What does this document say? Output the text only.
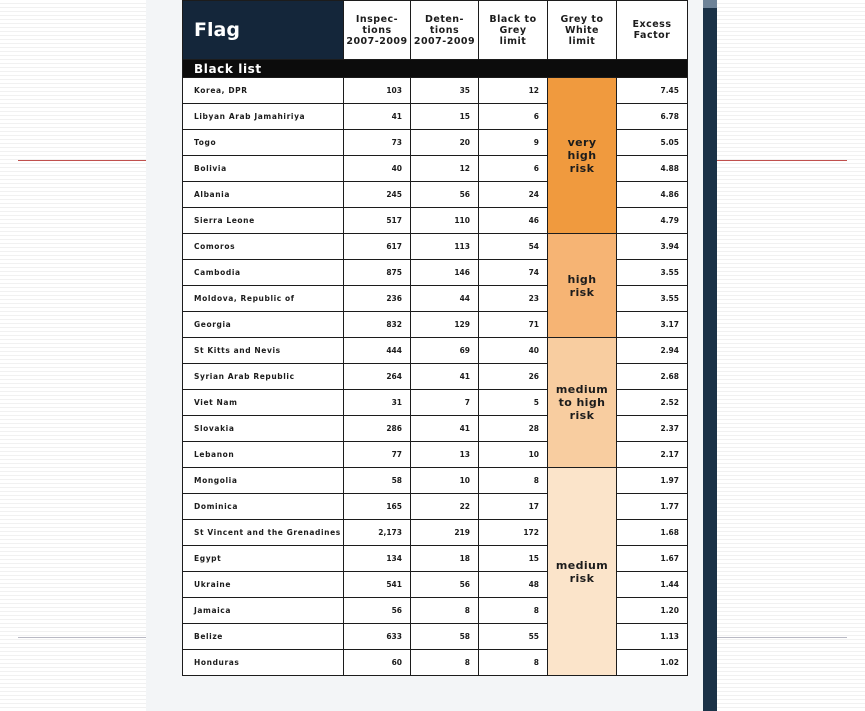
Flag	Inspec-
tions
2007-2009	Deten-
tions
2007-2009	Black to
Grey
limit	Grey to
White
limit	Excess
Factor
Black list					
Korea, DPR	103	35	12	very
high
risk	7.45
Libyan Arab Jamahiriya	41	15	6		6.78
Togo	73	20	9		5.05
Bolivia	40	12	6		4.88
Albania	245	56	24		4.86
Sierra Leone	517	110	46		4.79
Comoros	617	113	54	high
risk	3.94
Cambodia	875	146	74		3.55
Moldova, Republic of	236	44	23		3.55
Georgia	832	129	71		3.17
St Kitts and Nevis	444	69	40	medium
to high
risk	2.94
Syrian Arab Republic	264	41	26		2.68
Viet Nam	31	7	5		2.52
Slovakia	286	41	28		2.37
Lebanon	77	13	10		2.17
Mongolia	58	10	8	medium
risk	1.97
Dominica	165	22	17		1.77
St Vincent and the Grenadines	2,173	219	172		1.68
Egypt	134	18	15		1.67
Ukraine	541	56	48		1.44
Jamaica	56	8	8		1.20
Belize	633	58	55		1.13
Honduras	60	8	8		1.02
